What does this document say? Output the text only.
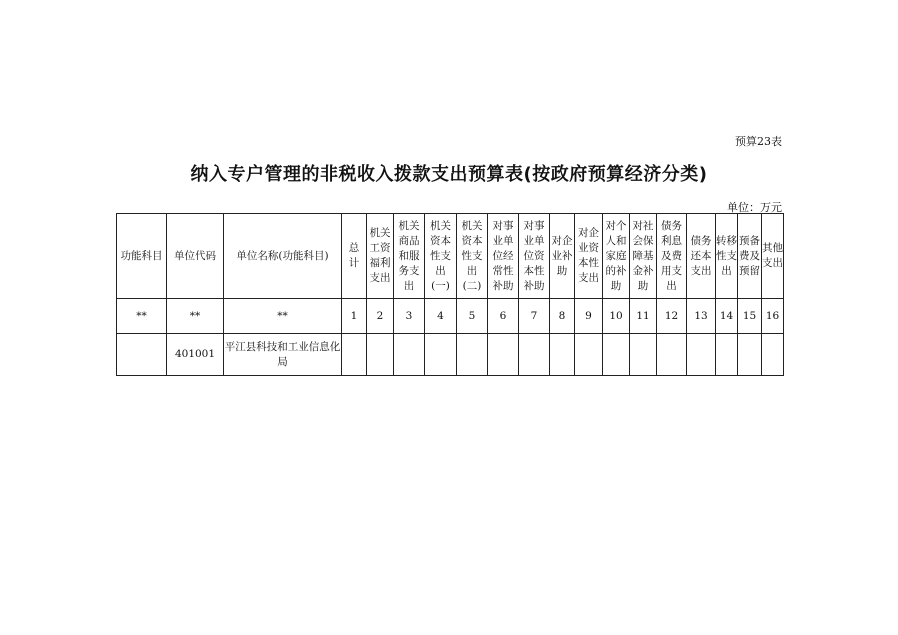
预算23表
纳入专户管理的非税收入拨款支出预算表(按政府预算经济分类)
单位：万元
功能科目	单位代码	单位名称(功能科目)	总
计	机关
工资
福利
支出	机关
商品
和服
务支
出	机关
资本
性支
出
(一)	机关
资本
性支
出
(二)	对事
业单
位经
常性
补助	对事
业单
位资
本性
补助	对企
业补
助	对企
业资
本性
支出	对个
人和
家庭
的补
助	对社
会保
障基
金补
助	债务
利息
及费
用支
出	债务
还本
支出	转移
性支
出	预备
费及
预留	其他
支出
**	**	**	1	2	3	4	5	6	7	8	9	10	11	12	13	14	15	16
	401001	平江县科技和工业信息化局																
